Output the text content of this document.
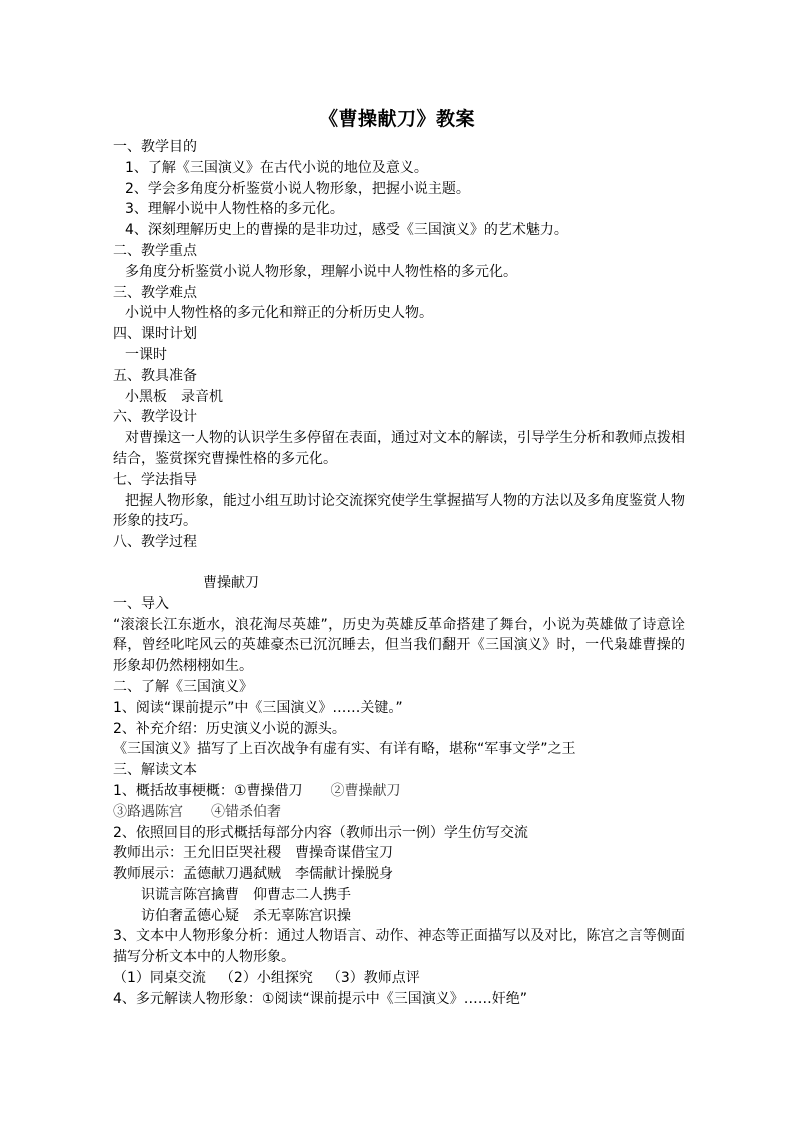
《曹操献刀》教案
一、教学目的
1、了解《三国演义》在古代小说的地位及意义。
2、学会多角度分析鉴赏小说人物形象，把握小说主题。
3、理解小说中人物性格的多元化。
4、深刻理解历史上的曹操的是非功过，感受《三国演义》的艺术魅力。
二、教学重点
多角度分析鉴赏小说人物形象，理解小说中人物性格的多元化。
三、教学难点
小说中人物性格的多元化和辩正的分析历史人物。
四、课时计划
一课时
五、教具准备
小黑板 录音机
六、教学设计
对曹操这一人物的认识学生多停留在表面，通过对文本的解读，引导学生分析和教师点拨相结合，鉴赏探究曹操性格的多元化。
七、学法指导
把握人物形象，能过小组互助讨论交流探究使学生掌握描写人物的方法以及多角度鉴赏人物形象的技巧。
八、教学过程
曹操献刀
一、导入
“滚滚长江东逝水，浪花淘尽英雄”，历史为英雄反革命搭建了舞台，小说为英雄做了诗意诠释，曾经叱咤风云的英雄豪杰已沉沉睡去，但当我们翻开《三国演义》时，一代枭雄曹操的形象却仍然栩栩如生。
二、了解《三国演义》
1、阅读“课前提示”中《三国演义》……关键。”
2、补充介绍：历史演义小说的源头。
《三国演义》描写了上百次战争有虚有实、有详有略，堪称“军事文学”之王
三、解读文本
1、概括故事梗概：①曹操借刀 ②曹操献刀
③路遇陈宫 ④错杀伯奢
2、依照回目的形式概括每部分内容（教师出示一例）学生仿写交流
教师出示：王允旧臣哭社稷 曹操奇谋借宝刀
教师展示：孟德献刀遇弑贼 李儒献计操脱身
识谎言陈宫擒曹 仰曹志二人携手
访伯奢孟德心疑 杀无辜陈宫识操
3、文本中人物形象分析：通过人物语言、动作、神态等正面描写以及对比，陈宫之言等侧面描写分析文本中的人物形象。
（1）同桌交流 （2）小组探究 （3）教师点评
4、多元解读人物形象：①阅读“课前提示中《三国演义》……奸绝”
